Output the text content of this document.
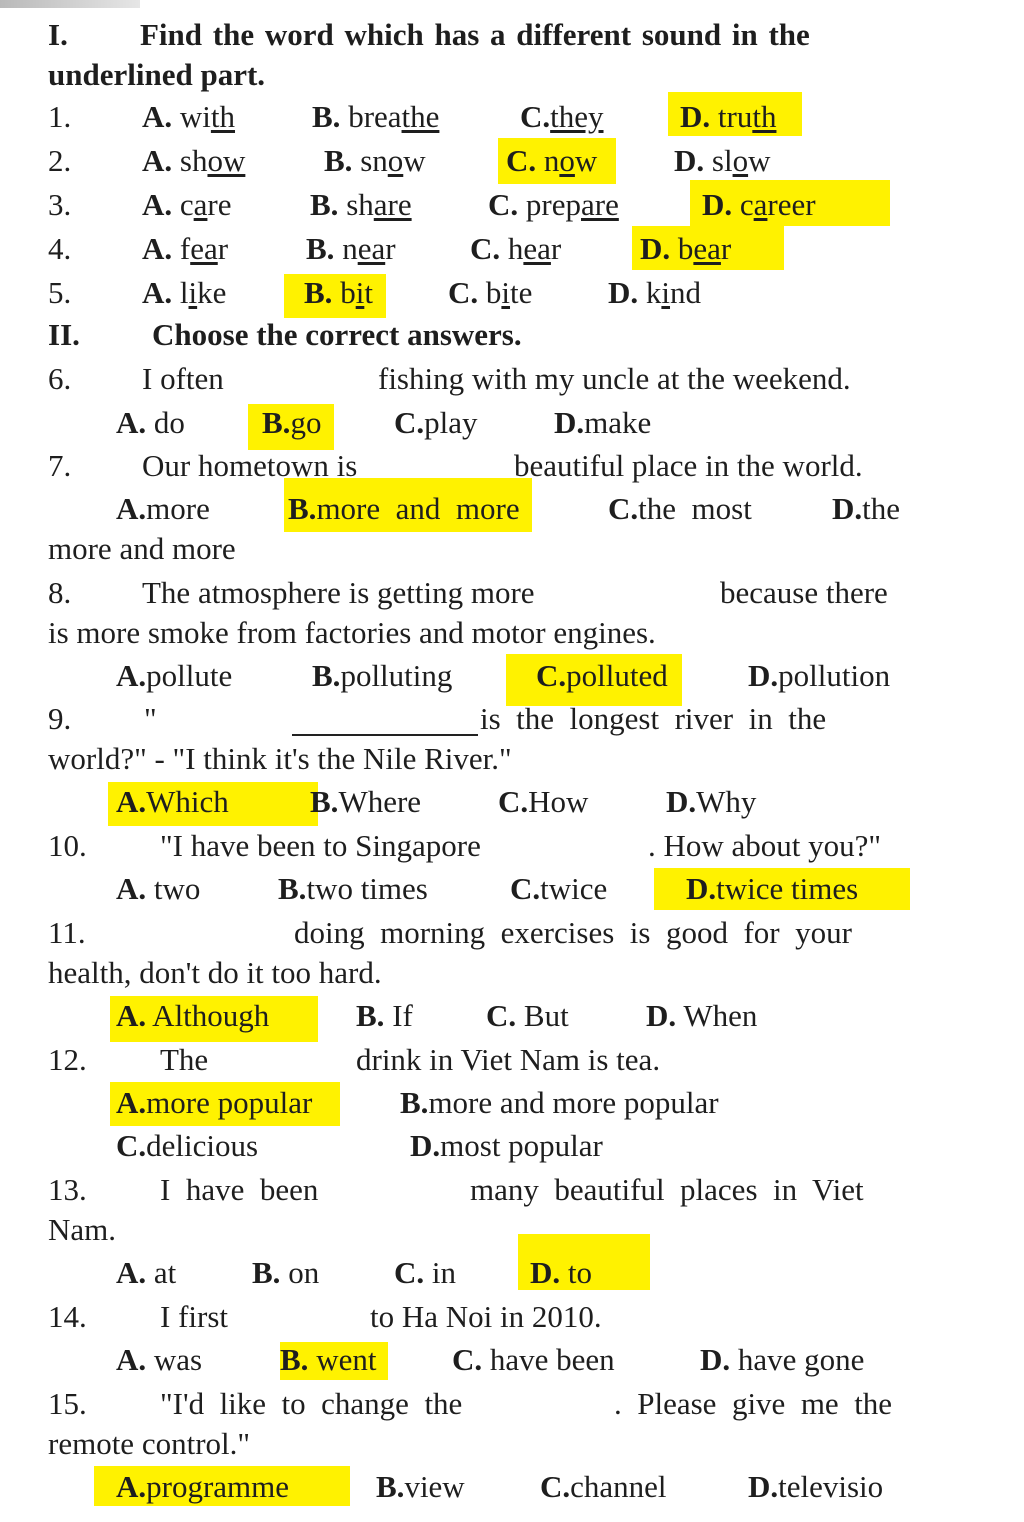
I. Find the word which has a different sound in the
underlined part.
1. A. with B. breathe	C.they D. truth
2. A. show	B. snow	C. now D. slow
3. A. care	B. share C. prepare	D. career
4. A. fear	B. near C. hear	D. bear
5. A. like	B. bit C. bite D. kind
II. Choose the correct answers.
6. I often	fishing with my uncle at the weekend.
A. do B.go C.play D.make
7. Our hometown is	beautiful place in the world.
A.more	B.more  and  more	C.the  most	D.the
more and more
8. The atmosphere is getting more	because there
is more smoke from factories and motor engines.
A.pollute	B.polluting	C.polluted	D.pollution
9. "	is  the  longest  river  in  the
world?" - "I think it's the Nile River."
A.Which	B.Where C.How	D.Why
10. "I have been to Singapore	. How about you?"
A. two	B.two times	C.twice	D.twice times
11.	doing  morning  exercises  is  good  for  your
health, don't do it too hard.
A. Although	B. If C. But D. When
12. The	drink in Viet Nam is tea.
A.more popular	B.more and more popular
C.delicious	D.most popular
13. I  have  been	many  beautiful  places  in  Viet
Nam.
A. at B. on C. in D. to
14. I first	to Ha Noi in 2010.
A. was	B. went C. have been	D. have gone
15. "I'd  like  to  change  the	.  Please  give  me  the
remote control."
A.programme	B.view C.channel	D.televisio
